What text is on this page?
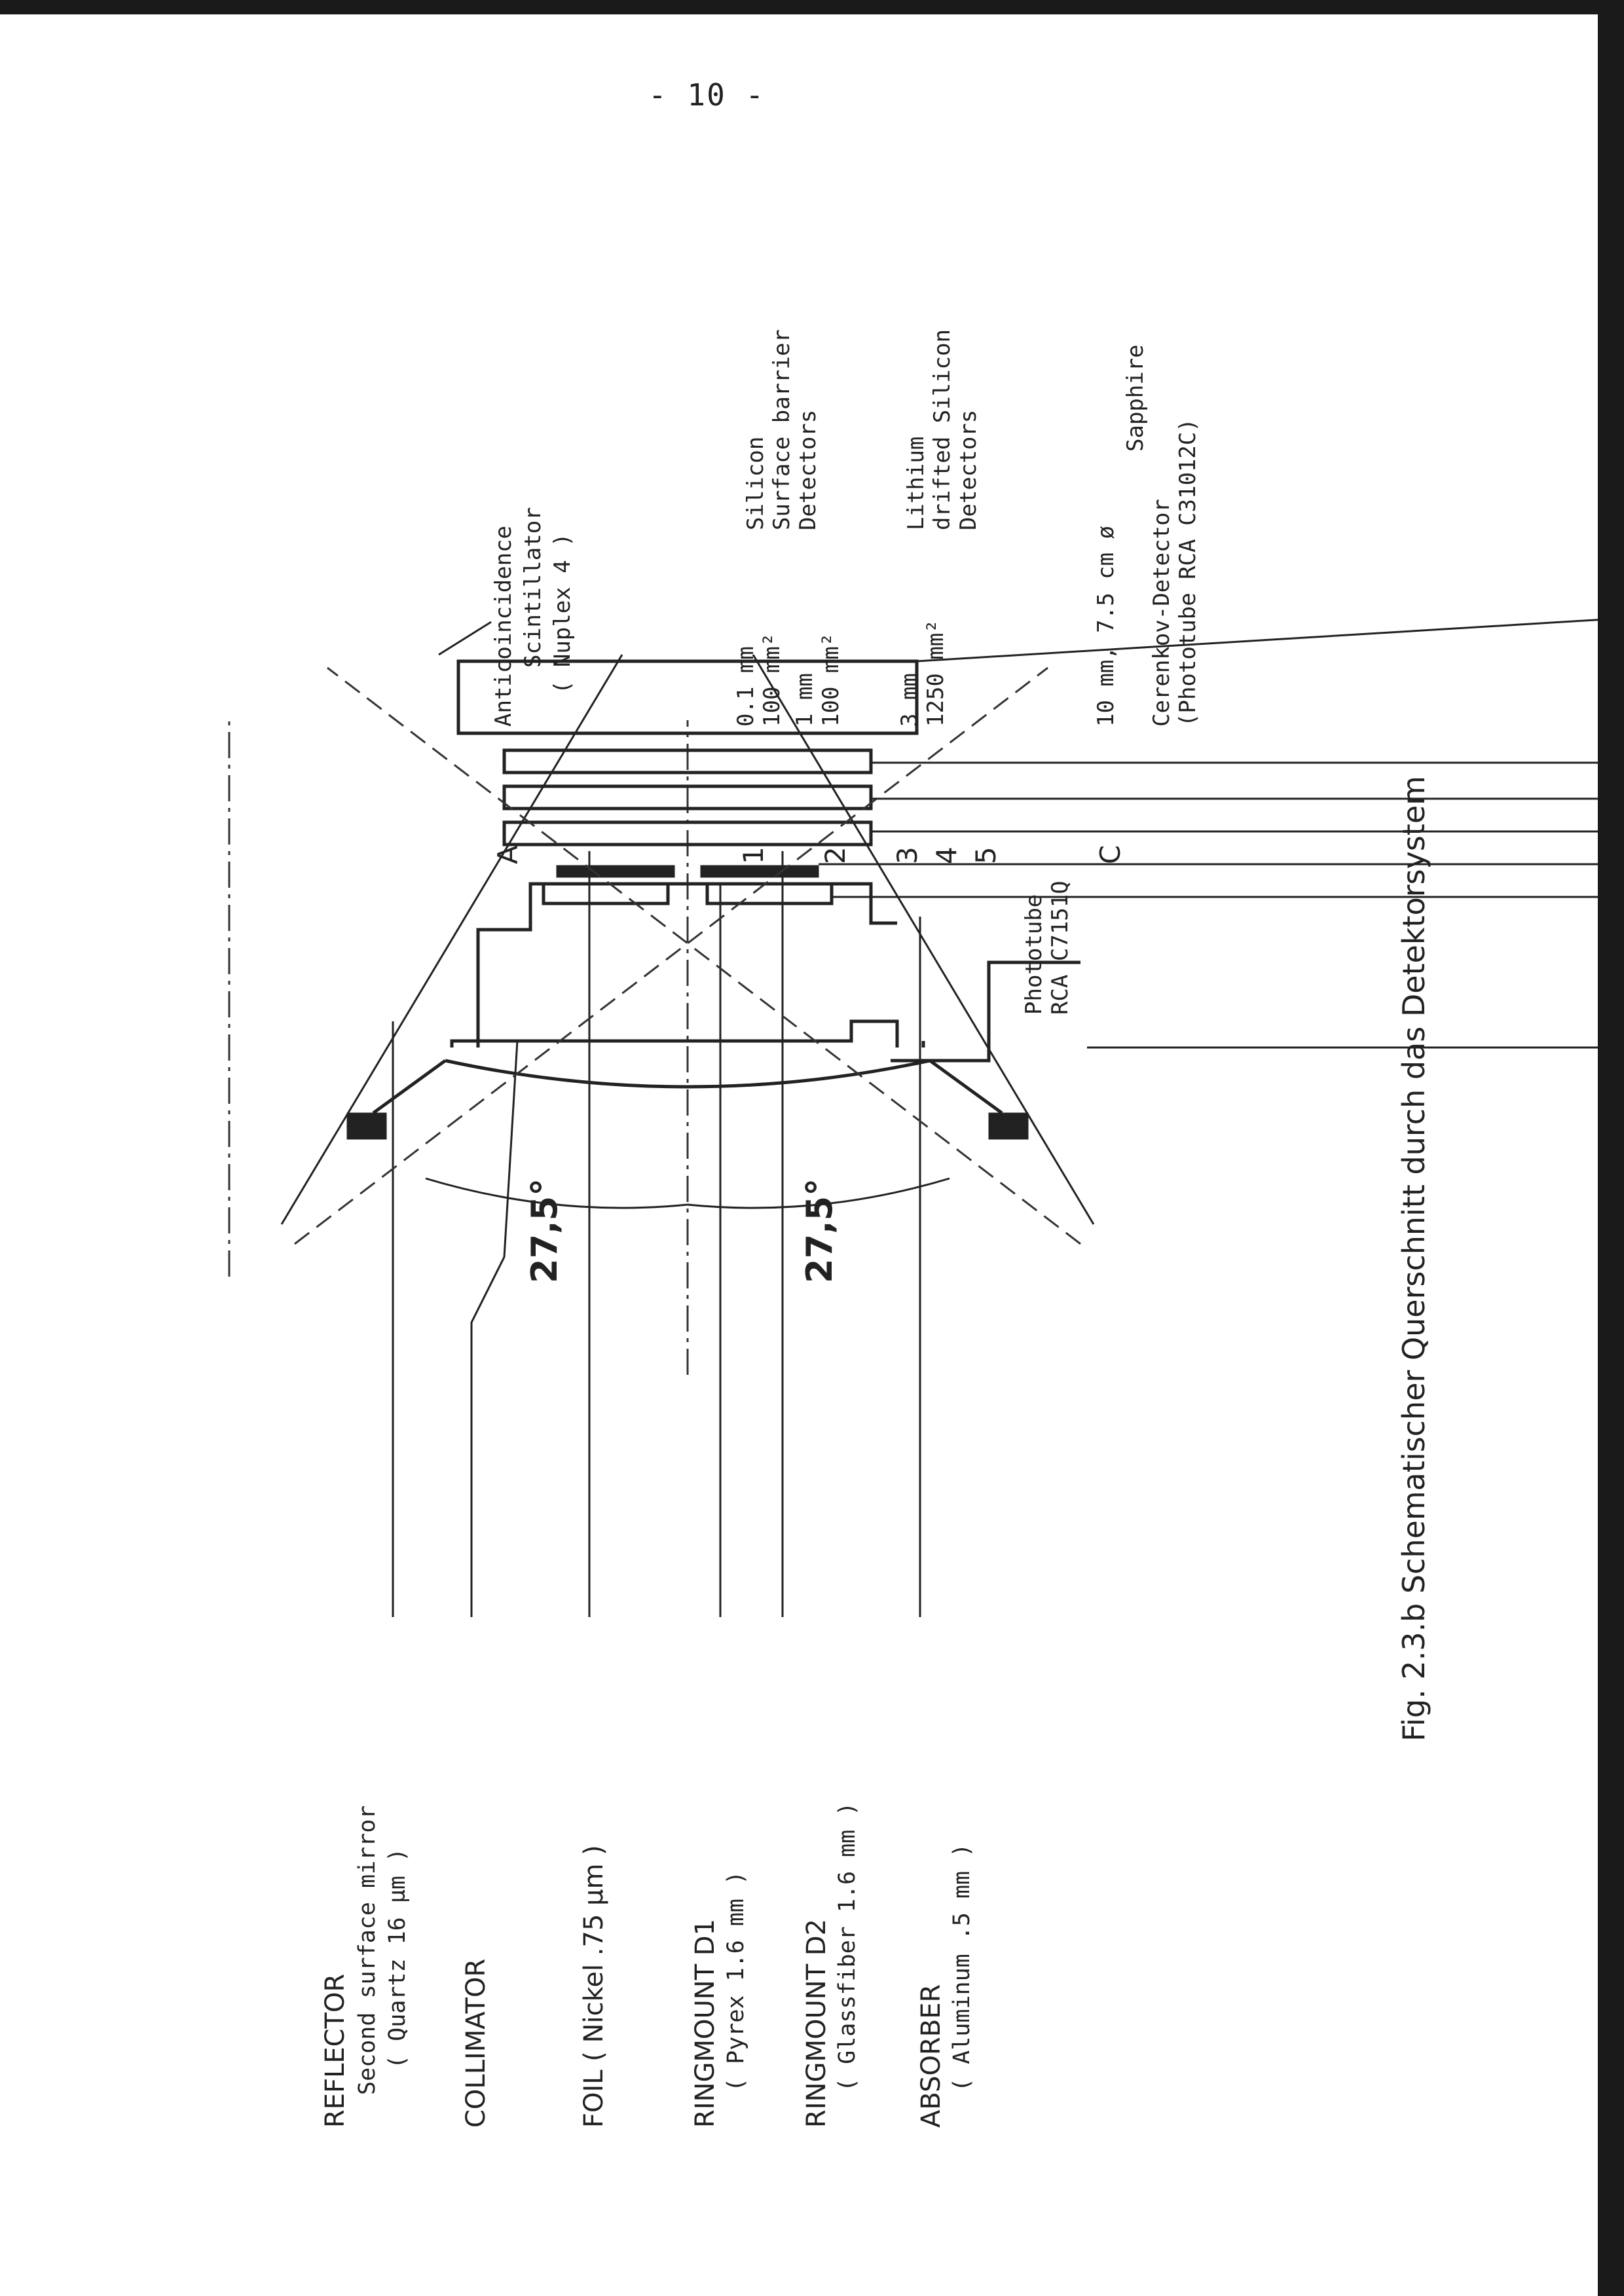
- 10 -
REFLECTOR Second surface mirror ( Quartz 16 µm ) COLLIMATOR	FOIL ( Nickel .75 µm )	RINGMOUNT D1 ( Pyrex 1.6 mm ) RINGMOUNT D2 ( Glassfiber 1.6 mm ) ABSORBER ( Aluminum .5 mm )
27,5°	27,5°
Phototube RCA C7151Q
A	1 2 3 4 5	C
Anticoincidence Scintillator ( Nuplex 4 )	0.1 mm 100 mm² 1 mm 100 mm²
Silicon Surface barrier Detectors
3 mm 1250 mm²
Lithium drifted Silicon Detectors
10 mm, 7.5 cm ø
Sapphire
Cerenkov-Detector (Phototube RCA C31012C)
Fig. 2.3.b Schematischer Querschnitt durch das Detektorsystem
